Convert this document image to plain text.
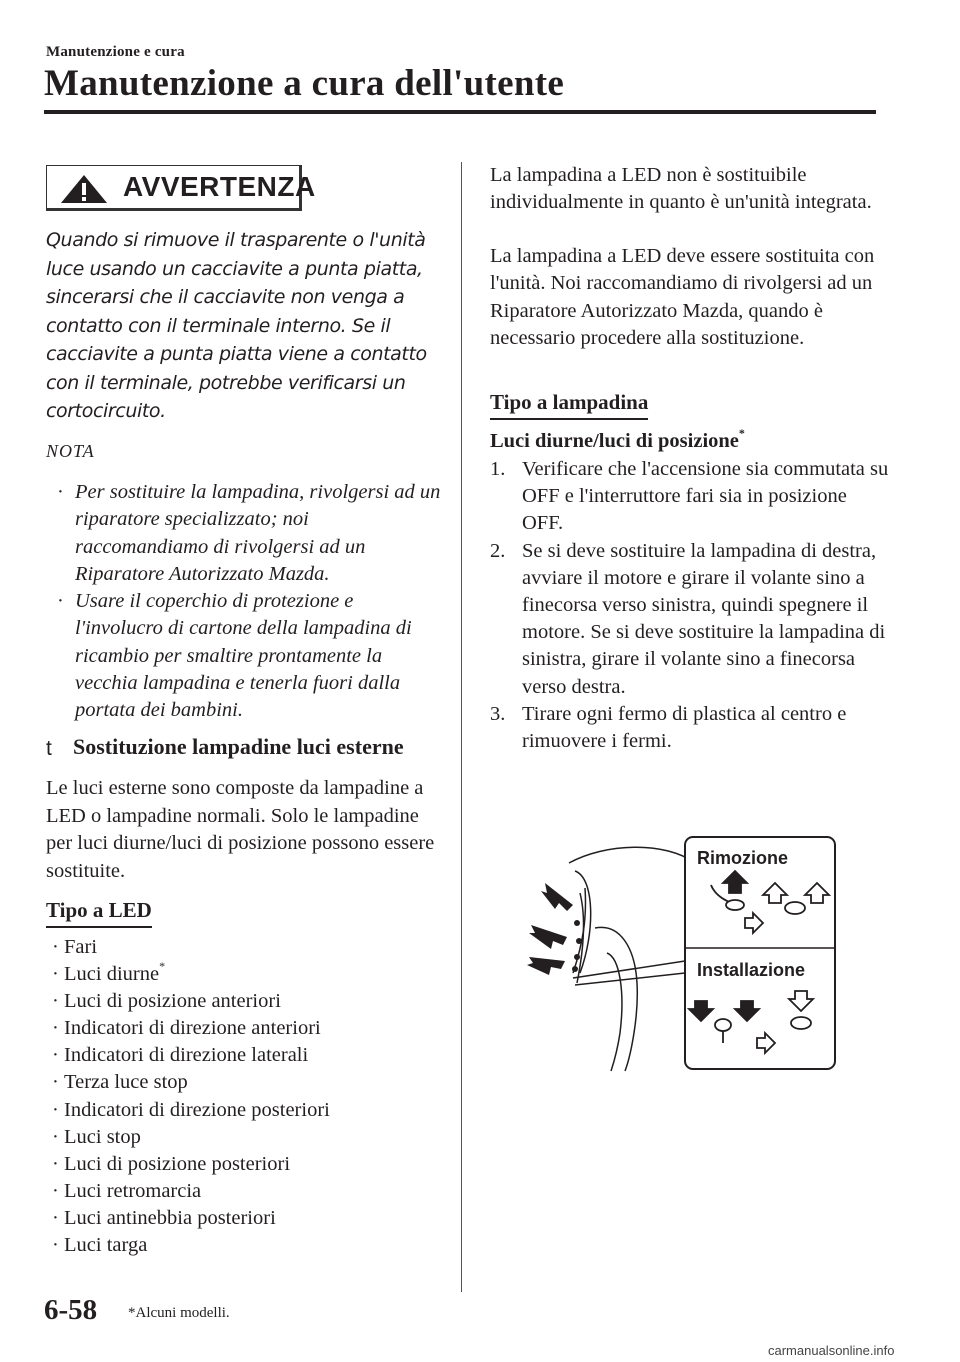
Manutenzione e cura
Manutenzione a cura dell'utente
AVVERTENZA

Quando si rimuove il trasparente o l'unità luce usando un cacciavite a punta piatta, sincerarsi che il cacciavite non venga a contatto con il terminale interno. Se il cacciavite a punta piatta viene a contatto con il terminale, potrebbe verificarsi un cortocircuito.

NOTA
· Per sostituire la lampadina, rivolgersi ad un riparatore specializzato; noi raccomandiamo di rivolgersi ad un Riparatore Autorizzato Mazda.
· Usare il coperchio di protezione e l'involucro di cartone della lampadina di ricambio per smaltire prontamente la vecchia lampadina e tenerla fuori dalla portata dei bambini.
t Sostituzione lampadine luci esterne

Le luci esterne sono composte da lampadine a LED o lampadine normali. Solo le lampadine per luci diurne/luci di posizione possono essere sostituite.

Tipo a LED
· Fari
· Luci diurne*
· Luci di posizione anteriori
· Indicatori di direzione anteriori
· Indicatori di direzione laterali
· Terza luce stop
· Indicatori di direzione posteriori
· Luci stop
· Luci di posizione posteriori
· Luci retromarcia
· Luci antinebbia posteriori
· Luci targa

La lampadina a LED non è sostituibile individualmente in quanto è un'unità integrata.

La lampadina a LED deve essere sostituita con l'unità. Noi raccomandiamo di rivolgersi ad un Riparatore Autorizzato Mazda, quando è necessario procedere alla sostituzione.

Tipo a lampadina
Luci diurne/luci di posizione*
1. Verificare che l'accensione sia commutata su OFF e l'interruttore fari sia in posizione OFF.
2. Se si deve sostituire la lampadina di destra, avviare il motore e girare il volante sino a finecorsa verso sinistra, quindi spegnere il motore. Se si deve sostituire la lampadina di sinistra, girare il volante sino a finecorsa verso destra.
3. Tirare ogni fermo di plastica al centro e rimuovere i fermi.
Rimozione
Installazione
6-58 *Alcuni modelli.
carmanualsonline.info
